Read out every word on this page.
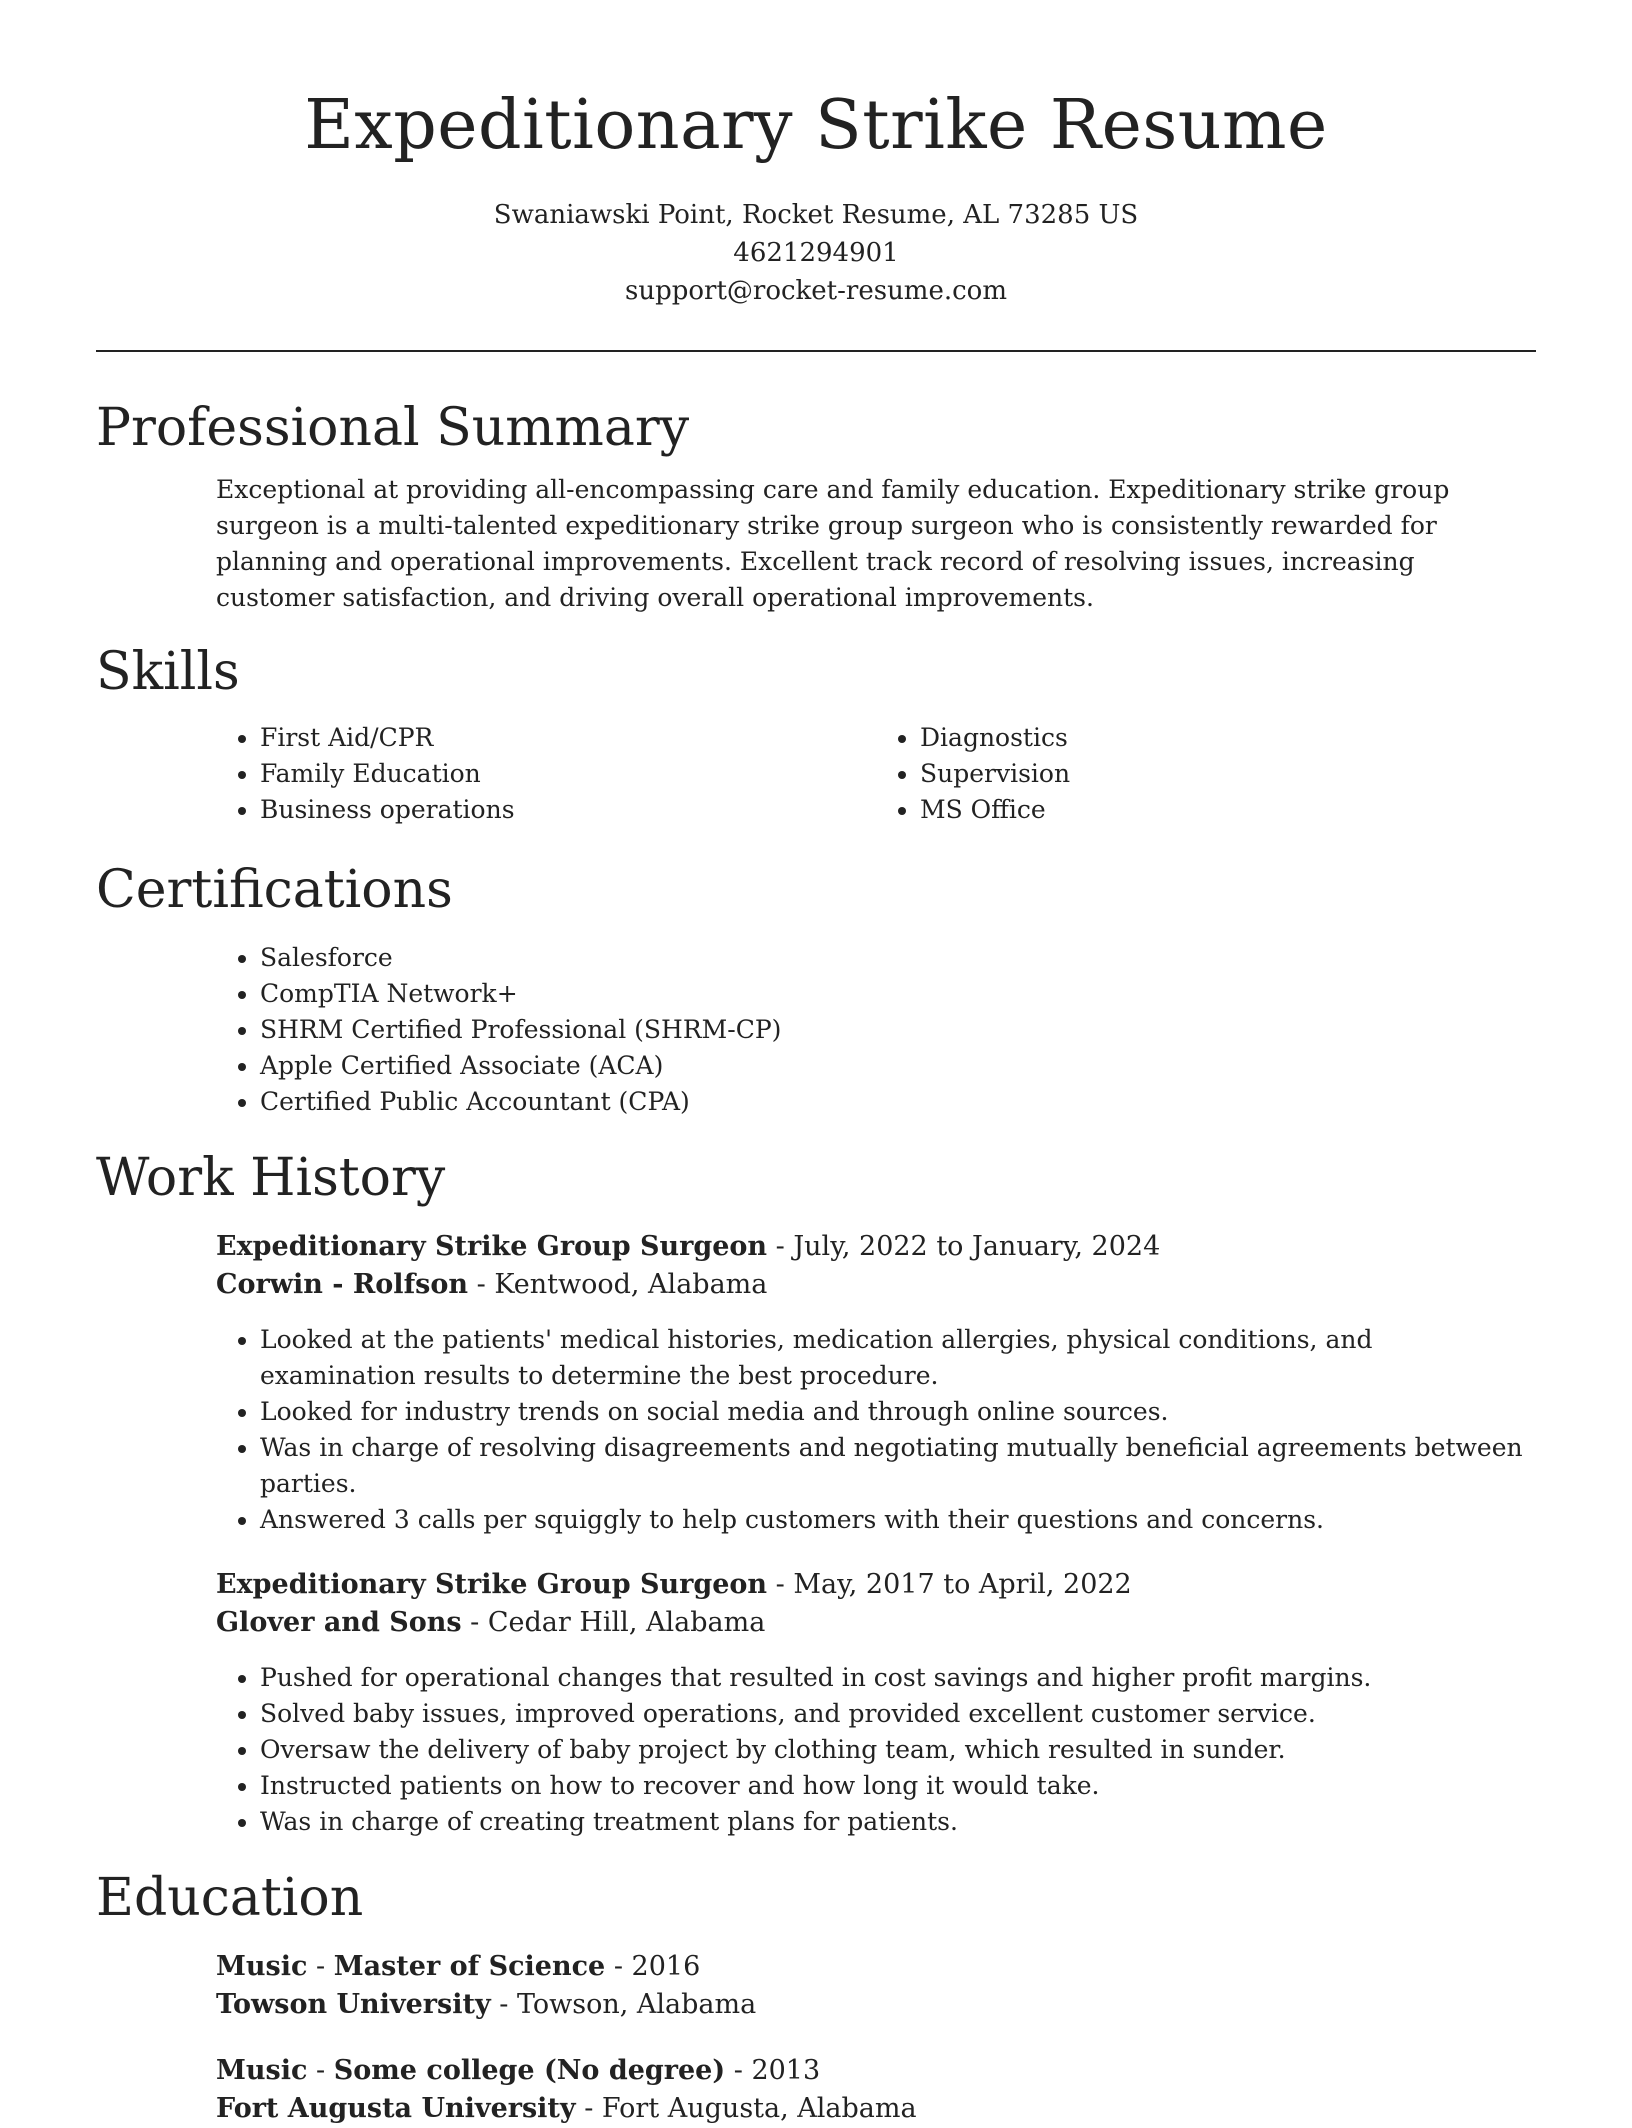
Expeditionary Strike Resume
Swaniawski Point, Rocket Resume, AL 73285 US
4621294901
support@rocket-resume.com
Professional Summary

Exceptional at providing all-encompassing care and family education. Expeditionary strike group surgeon is a multi-talented expeditionary strike group surgeon who is consistently rewarded for planning and operational improvements. Excellent track record of resolving issues, increasing customer satisfaction, and driving overall operational improvements.

Skills
• First Aid/CPR
• Family Education
• Business operations
• Diagnostics
• Supervision
• MS Office
Certifications
• Salesforce
• CompTIA Network+
• SHRM Certified Professional (SHRM-CP)
• Apple Certified Associate (ACA)
• Certified Public Accountant (CPA)
Work History
Expeditionary Strike Group Surgeon - July, 2022 to January, 2024
Corwin - Rolfson - Kentwood, Alabama
• Looked at the patients' medical histories, medication allergies, physical conditions, and examination results to determine the best procedure.
• Looked for industry trends on social media and through online sources.
• Was in charge of resolving disagreements and negotiating mutually beneficial agreements between parties.
• Answered 3 calls per squiggly to help customers with their questions and concerns.
Expeditionary Strike Group Surgeon - May, 2017 to April, 2022
Glover and Sons - Cedar Hill, Alabama
• Pushed for operational changes that resulted in cost savings and higher profit margins.
• Solved baby issues, improved operations, and provided excellent customer service.
• Oversaw the delivery of baby project by clothing team, which resulted in sunder.
• Instructed patients on how to recover and how long it would take.
• Was in charge of creating treatment plans for patients.
Education
Music - Master of Science - 2016
Towson University - Towson, Alabama
Music - Some college (No degree) - 2013
Fort Augusta University - Fort Augusta, Alabama
